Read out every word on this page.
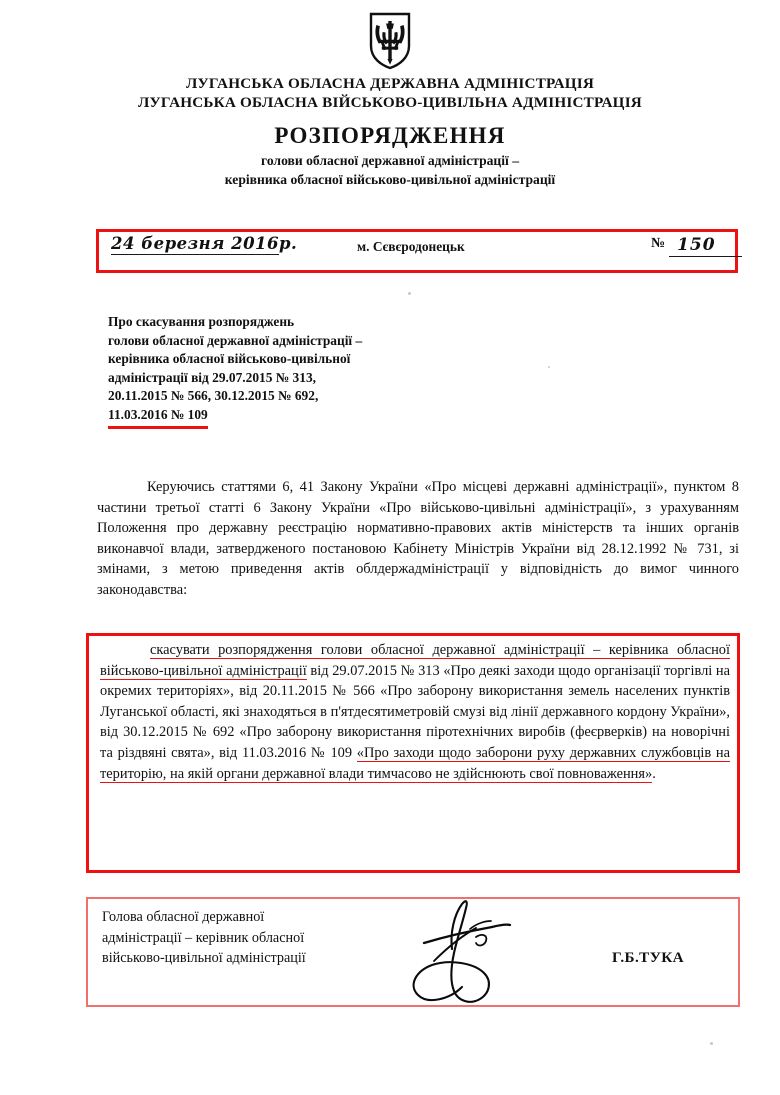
ЛУГАНСЬКА ОБЛАСНА ДЕРЖАВНА АДМІНІСТРАЦІЯ
ЛУГАНСЬКА ОБЛАСНА ВІЙСЬКОВО-ЦИВІЛЬНА АДМІНІСТРАЦІЯ
РОЗПОРЯДЖЕННЯ
голови обласної державної адміністрації –
керівника обласної військово-цивільної адміністрації
24 березня 2016р.	м. Сєвєродонецьк	№ 150
Про скасування розпоряджень
голови обласної державної адміністрації –
керівника обласної військово-цивільної
адміністрації від 29.07.2015 № 313,
20.11.2015 № 566, 30.12.2015 № 692,
11.03.2016 № 109
Керуючись статтями 6, 41 Закону України «Про місцеві державні адміністрації», пунктом 8 частини третьої статті 6 Закону України «Про військово-цивільні адміністрації», з урахуванням Положення про державну реєстрацію нормативно-правових актів міністерств та інших органів виконавчої влади, затвердженого постановою Кабінету Міністрів України від 28.12.1992 № 731, зі змінами, з метою приведення актів облдержадміністрації у відповідність до вимог чинного законодавства:
скасувати розпорядження голови обласної державної адміністрації – керівника обласної військово-цивільної адміністрації від 29.07.2015 № 313 «Про деякі заходи щодо організації торгівлі на окремих територіях», від 20.11.2015 № 566 «Про заборону використання земель населених пунктів Луганської області, які знаходяться в п'ятдесятиметровій смузі від лінії державного кордону України», від 30.12.2015 № 692 «Про заборону використання піротехнічних виробів (феєрверків) на новорічні та різдвяні свята», від 11.03.2016 № 109 «Про заходи щодо заборони руху державних службовців на територію, на якій органи державної влади тимчасово не здійснюють свої повноваження».
Голова обласної державної
адміністрації – керівник обласної
військово-цивільної адміністрації	Г.Б.ТУКА
